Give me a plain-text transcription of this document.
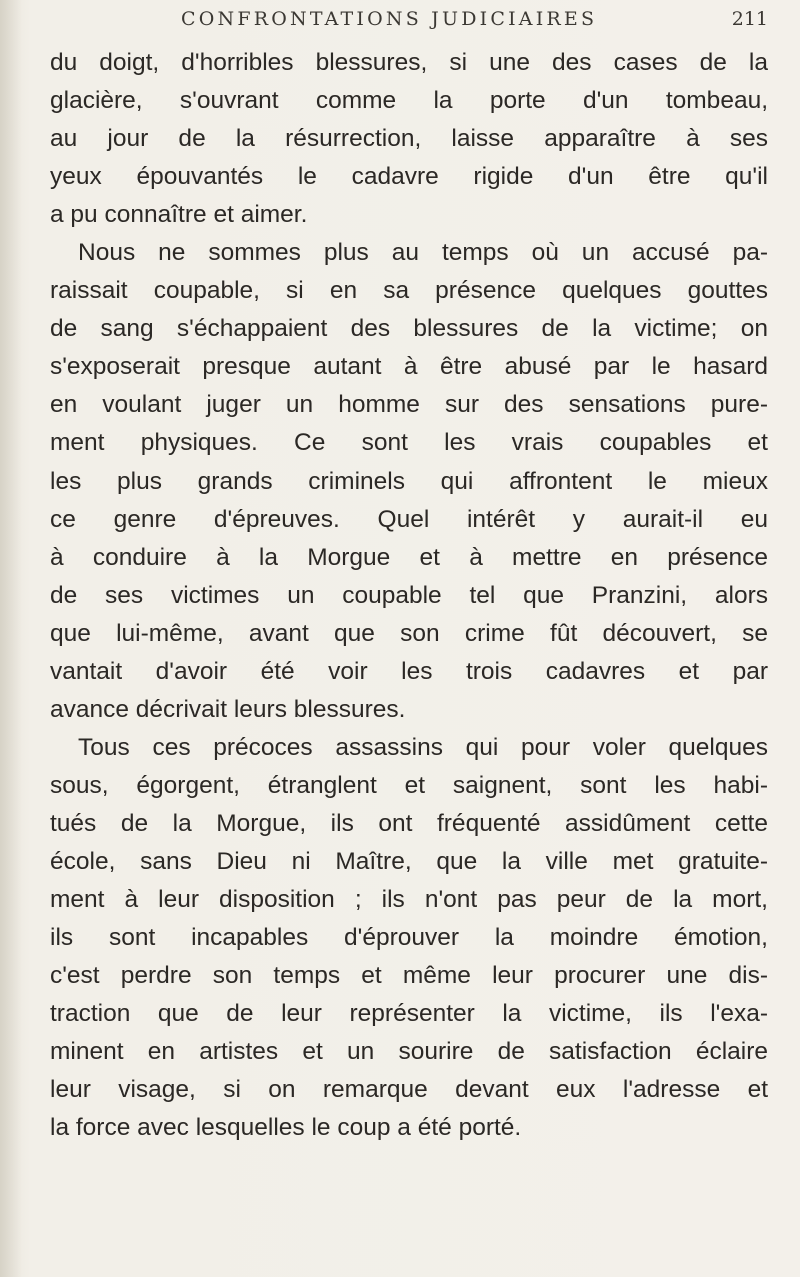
CONFRONTATIONS JUDICIAIRES	211
du doigt, d'horribles blessures, si une des cases de la
glacière, s'ouvrant comme la porte d'un tombeau,
au jour de la résurrection, laisse apparaître à ses
yeux épouvantés le cadavre rigide d'un être qu'il
a pu connaître et aimer.
Nous ne sommes plus au temps où un accusé pa-
raissait coupable, si en sa présence quelques gouttes
de sang s'échappaient des blessures de la victime; on
s'exposerait presque autant à être abusé par le hasard
en voulant juger un homme sur des sensations pure-
ment physiques. Ce sont les vrais coupables et
les plus grands criminels qui affrontent le mieux
ce genre d'épreuves. Quel intérêt y aurait-il eu
à conduire à la Morgue et à mettre en présence
de ses victimes un coupable tel que Pranzini, alors
que lui-même, avant que son crime fût découvert, se
vantait d'avoir été voir les trois cadavres et par
avance décrivait leurs blessures.
Tous ces précoces assassins qui pour voler quelques
sous, égorgent, étranglent et saignent, sont les habi-
tués de la Morgue, ils ont fréquenté assidûment cette
école, sans Dieu ni Maître, que la ville met gratuite-
ment à leur disposition ; ils n'ont pas peur de la mort,
ils sont incapables d'éprouver la moindre émotion,
c'est perdre son temps et même leur procurer une dis-
traction que de leur représenter la victime, ils l'exa-
minent en artistes et un sourire de satisfaction éclaire
leur visage, si on remarque devant eux l'adresse et
la force avec lesquelles le coup a été porté.
